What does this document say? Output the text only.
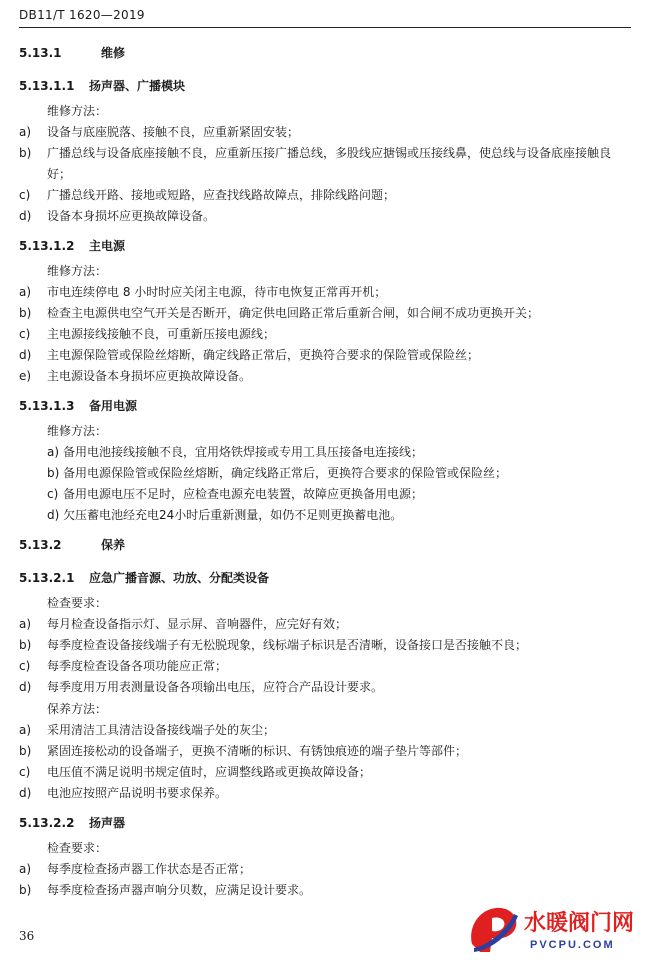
DB11/T 1620—2019
5.13.1	维修
5.13.1.1 扬声器、广播模块
维修方法：
a)	设备与底座脱落、接触不良，应重新紧固安装；
b)	广播总线与设备底座接触不良，应重新压接广播总线，多股线应搪锡或压接线鼻，使总线与设备底座接触良好；
c)	广播总线开路、接地或短路，应查找线路故障点，排除线路问题；
d)	设备本身损坏应更换故障设备。
5.13.1.2 主电源
维修方法：
a)	市电连续停电 8 小时时应关闭主电源，待市电恢复正常再开机；
b)	检查主电源供电空气开关是否断开，确定供电回路正常后重新合闸，如合闸不成功更换开关；
c)	主电源接线接触不良，可重新压接电源线；
d)	主电源保险管或保险丝熔断，确定线路正常后，更换符合要求的保险管或保险丝；
e)	主电源设备本身损坏应更换故障设备。
5.13.1.3 备用电源
维修方法：
a) 备用电池接线接触不良，宜用烙铁焊接或专用工具压接备电连接线；
b) 备用电源保险管或保险丝熔断，确定线路正常后，更换符合要求的保险管或保险丝；
c) 备用电源电压不足时，应检查电源充电装置，故障应更换备用电源；
d) 欠压蓄电池经充电24小时后重新测量，如仍不足则更换蓄电池。
5.13.2	保养
5.13.2.1 应急广播音源、功放、分配类设备
检查要求：
a)	每月检查设备指示灯、显示屏、音响器件，应完好有效；
b)	每季度检查设备接线端子有无松脱现象，线标端子标识是否清晰，设备接口是否接触不良；
c)	每季度检查设备各项功能应正常；
d)	每季度用万用表测量设备各项输出电压，应符合产品设计要求。
保养方法：
a)	采用清洁工具清洁设备接线端子处的灰尘；
b)	紧固连接松动的设备端子，更换不清晰的标识、有锈蚀痕迹的端子垫片等部件；
c)	电压值不满足说明书规定值时，应调整线路或更换故障设备；
d)	电池应按照产品说明书要求保养。
5.13.2.2 扬声器
检查要求：
a)	每季度检查扬声器工作状态是否正常；
b)	每季度检查扬声器声响分贝数，应满足设计要求。
36
水暖阀门网
PVCPU.COM
